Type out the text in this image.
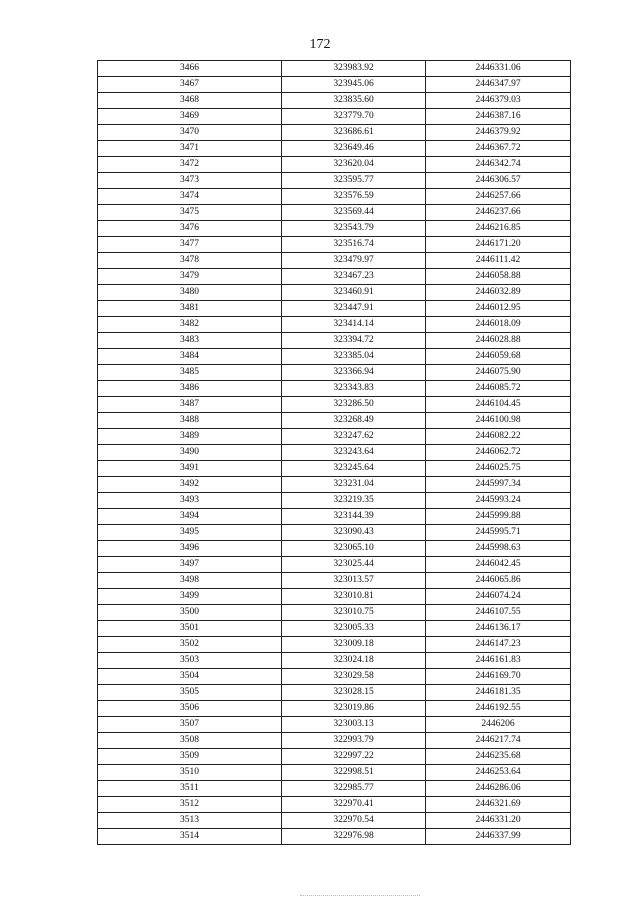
172
3466	323983.92	2446331.06
3467	323945.06	2446347.97
3468	323835.60	2446379.03
3469	323779.70	2446387.16
3470	323686.61	2446379.92
3471	323649.46	2446367.72
3472	323620.04	2446342.74
3473	323595.77	2446306.57
3474	323576.59	2446257.66
3475	323569.44	2446237.66
3476	323543.79	2446216.85
3477	323516.74	2446171.20
3478	323479.97	2446111.42
3479	323467.23	2446058.88
3480	323460.91	2446032.89
3481	323447.91	2446012.95
3482	323414.14	2446018.09
3483	323394.72	2446028.88
3484	323385.04	2446059.68
3485	323366.94	2446075.90
3486	323343.83	2446085.72
3487	323286.50	2446104.45
3488	323268.49	2446100.98
3489	323247.62	2446082.22
3490	323243.64	2446062.72
3491	323245.64	2446025.75
3492	323231.04	2445997.34
3493	323219.35	2445993.24
3494	323144.39	2445999.88
3495	323090.43	2445995.71
3496	323065.10	2445998.63
3497	323025.44	2446042.45
3498	323013.57	2446065.86
3499	323010.81	2446074.24
3500	323010.75	2446107.55
3501	323005.33	2446136.17
3502	323009.18	2446147.23
3503	323024.18	2446161.83
3504	323029.58	2446169.70
3505	323028.15	2446181.35
3506	323019.86	2446192.55
3507	323003.13	2446206
3508	322993.79	2446217.74
3509	322997.22	2446235.68
3510	322998.51	2446253.64
3511	322985.77	2446286.06
3512	322970.41	2446321.69
3513	322970.54	2446331.20
3514	322976.98	2446337.99
